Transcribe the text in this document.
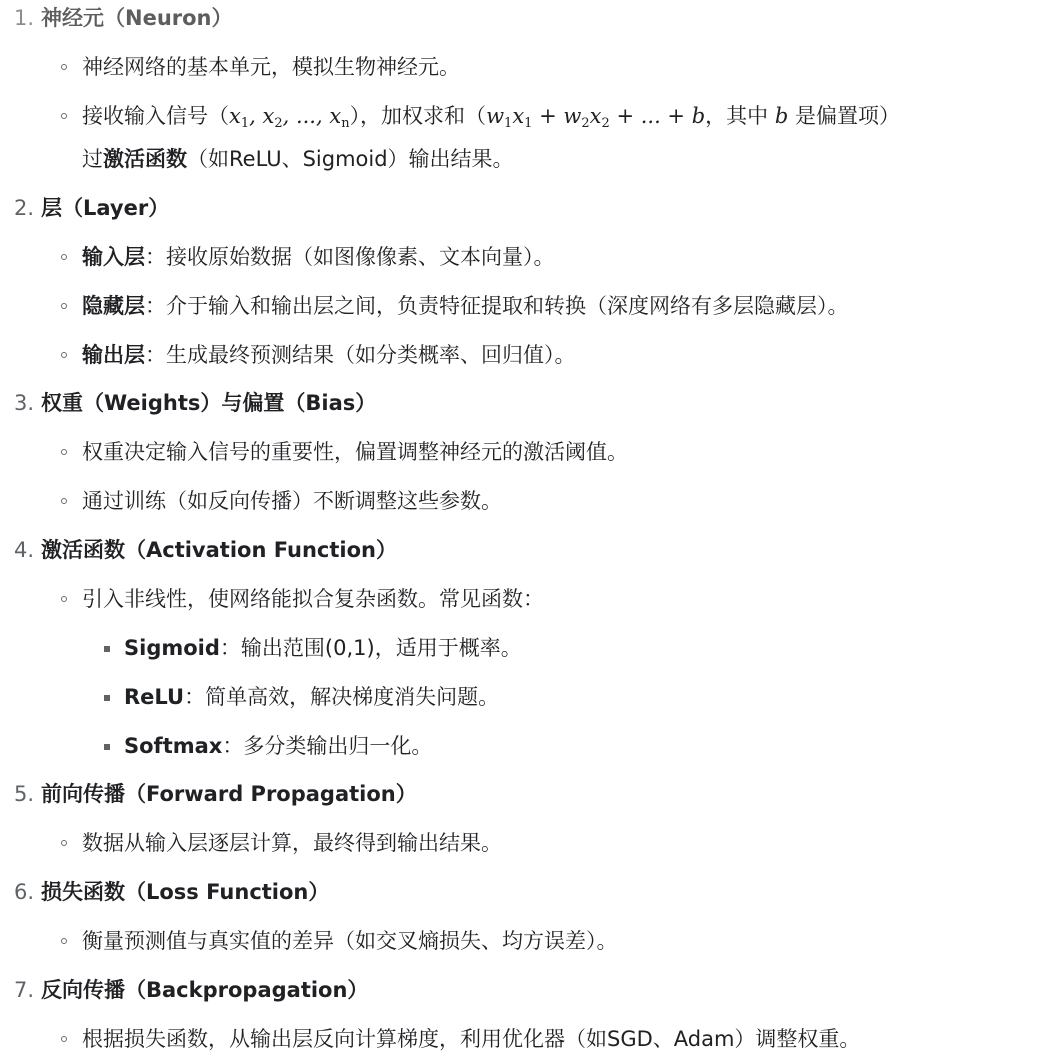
1. 神经元（Neuron）
神经网络的基本单元，模拟生物神经元。
接收输入信号（$x_1$, $x_2$, ..., $x_n$），加权求和（$w_1x_1 + w_2x_2$ + ... + b，其中 b 是偏置项）
过激活函数（如ReLU、Sigmoid）输出结果。
2. 层（Layer）
输入层：接收原始数据（如图像像素、文本向量）。
隐藏层：介于输入和输出层之间，负责特征提取和转换（深度网络有多层隐藏层）。
输出层：生成最终预测结果（如分类概率、回归值）。
3. 权重（Weights）与偏置（Bias）
权重决定输入信号的重要性，偏置调整神经元的激活阈值。
通过训练（如反向传播）不断调整这些参数。
4. 激活函数（Activation Function）
引入非线性，使网络能拟合复杂函数。常见函数：
Sigmoid：输出范围(0,1)，适用于概率。
ReLU：简单高效，解决梯度消失问题。
Softmax：多分类输出归一化。
5. 前向传播（Forward Propagation）
数据从输入层逐层计算，最终得到输出结果。
6. 损失函数（Loss Function）
衡量预测值与真实值的差异（如交叉熵损失、均方误差）。
7. 反向传播（Backpropagation）
根据损失函数，从输出层反向计算梯度，利用优化器（如SGD、Adam）调整权重。
